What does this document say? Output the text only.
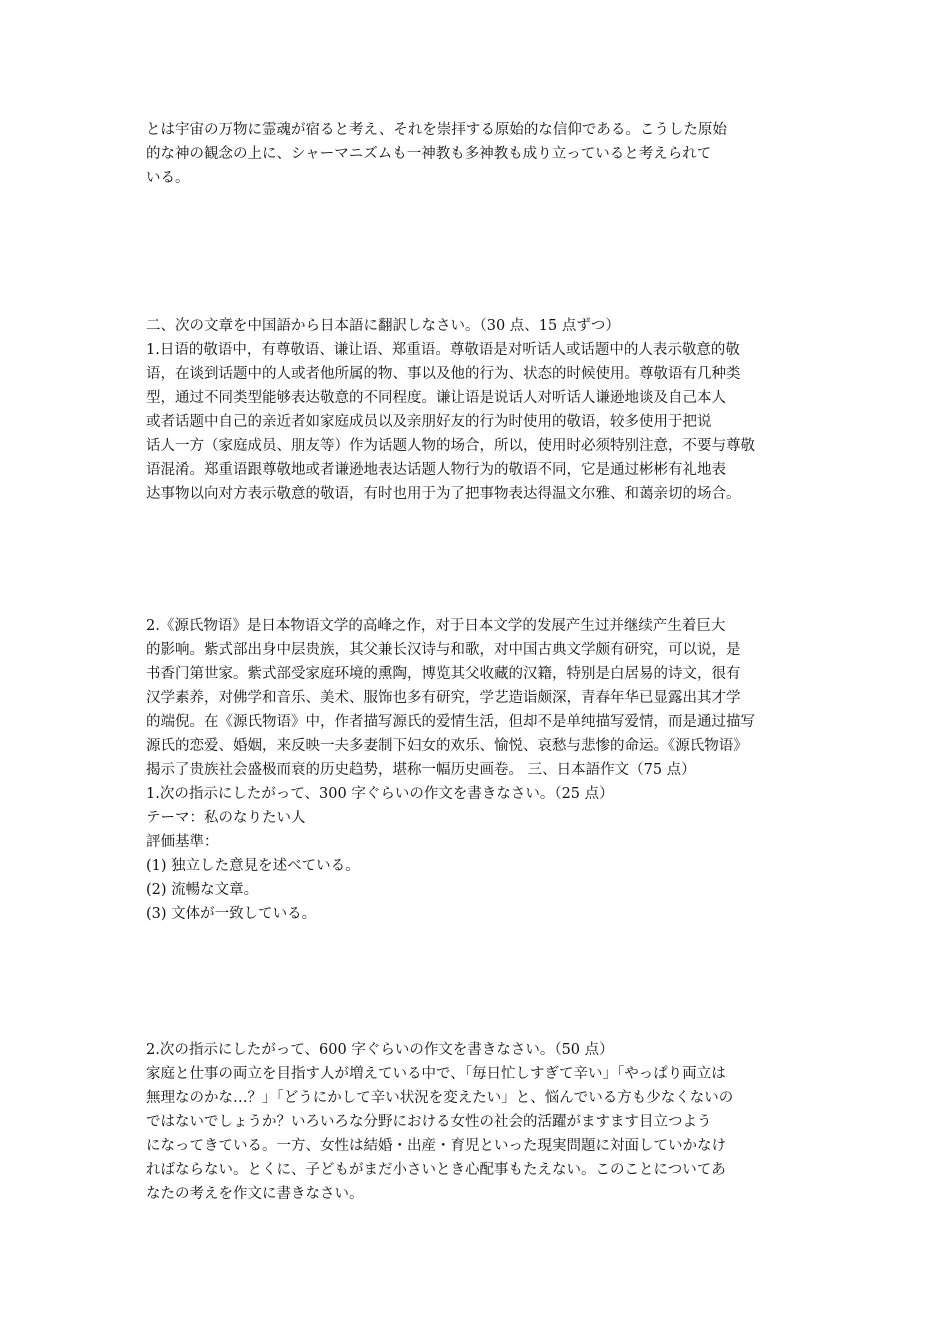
とは宇宙の万物に霊魂が宿ると考え、それを崇拝する原始的な信仰である。こうした原始
的な神の観念の上に、シャーマニズムも一神教も多神教も成り立っていると考えられて
いる。
二、次の文章を中国語から日本語に翻訳しなさい。（30 点、15 点ずつ）
1.日语的敬语中，有尊敬语、谦让语、郑重语。尊敬语是对听话人或话题中的人表示敬意的敬
语，在谈到话题中的人或者他所属的物、事以及他的行为、状态的时候使用。尊敬语有几种类
型，通过不同类型能够表达敬意的不同程度。谦让语是说话人对听话人谦逊地谈及自己本人
或者话题中自己的亲近者如家庭成员以及亲朋好友的行为时使用的敬语，较多使用于把说
话人一方（家庭成员、朋友等）作为话题人物的场合，所以，使用时必须特别注意，不要与尊敬
语混淆。郑重语跟尊敬地或者谦逊地表达话题人物行为的敬语不同，它是通过彬彬有礼地表
达事物以向对方表示敬意的敬语，有时也用于为了把事物表达得温文尔雅、和蔼亲切的场合。
2.《源氏物语》是日本物语文学的高峰之作，对于日本文学的发展产生过并继续产生着巨大
的影响。紫式部出身中层贵族，其父兼长汉诗与和歌，对中国古典文学颇有研究，可以说，是
书香门第世家。紫式部受家庭环境的熏陶，博览其父收藏的汉籍，特别是白居易的诗文，很有
汉学素养，对佛学和音乐、美术、服饰也多有研究，学艺造诣颇深，青春年华已显露出其才学
的端倪。在《源氏物语》中，作者描写源氏的爱情生活，但却不是单纯描写爱情，而是通过描写
源氏的恋爱、婚姻，来反映一夫多妻制下妇女的欢乐、愉悦、哀愁与悲惨的命运。《源氏物语》
揭示了贵族社会盛极而衰的历史趋势，堪称一幅历史画卷。 三、日本語作文（75 点）
1.次の指示にしたがって、300 字ぐらいの作文を書きなさい。（25 点）
テーマ：私のなりたい人
評価基準：
(1) 独立した意見を述べている。
(2) 流暢な文章。
(3) 文体が一致している。
2.次の指示にしたがって、600 字ぐらいの作文を書きなさい。（50 点）
家庭と仕事の両立を目指す人が増えている中で、「毎日忙しすぎて辛い」「やっぱり両立は
無理なのかな…？」「どうにかして辛い状況を変えたい」と、悩んでいる方も少なくないの
ではないでしょうか？いろいろな分野における女性の社会的活躍がますます目立つよう
になってきている。一方、女性は結婚・出産・育児といった現実問題に対面していかなけ
ればならない。とくに、子どもがまだ小さいとき心配事もたえない。このことについてあ
なたの考えを作文に書きなさい。
